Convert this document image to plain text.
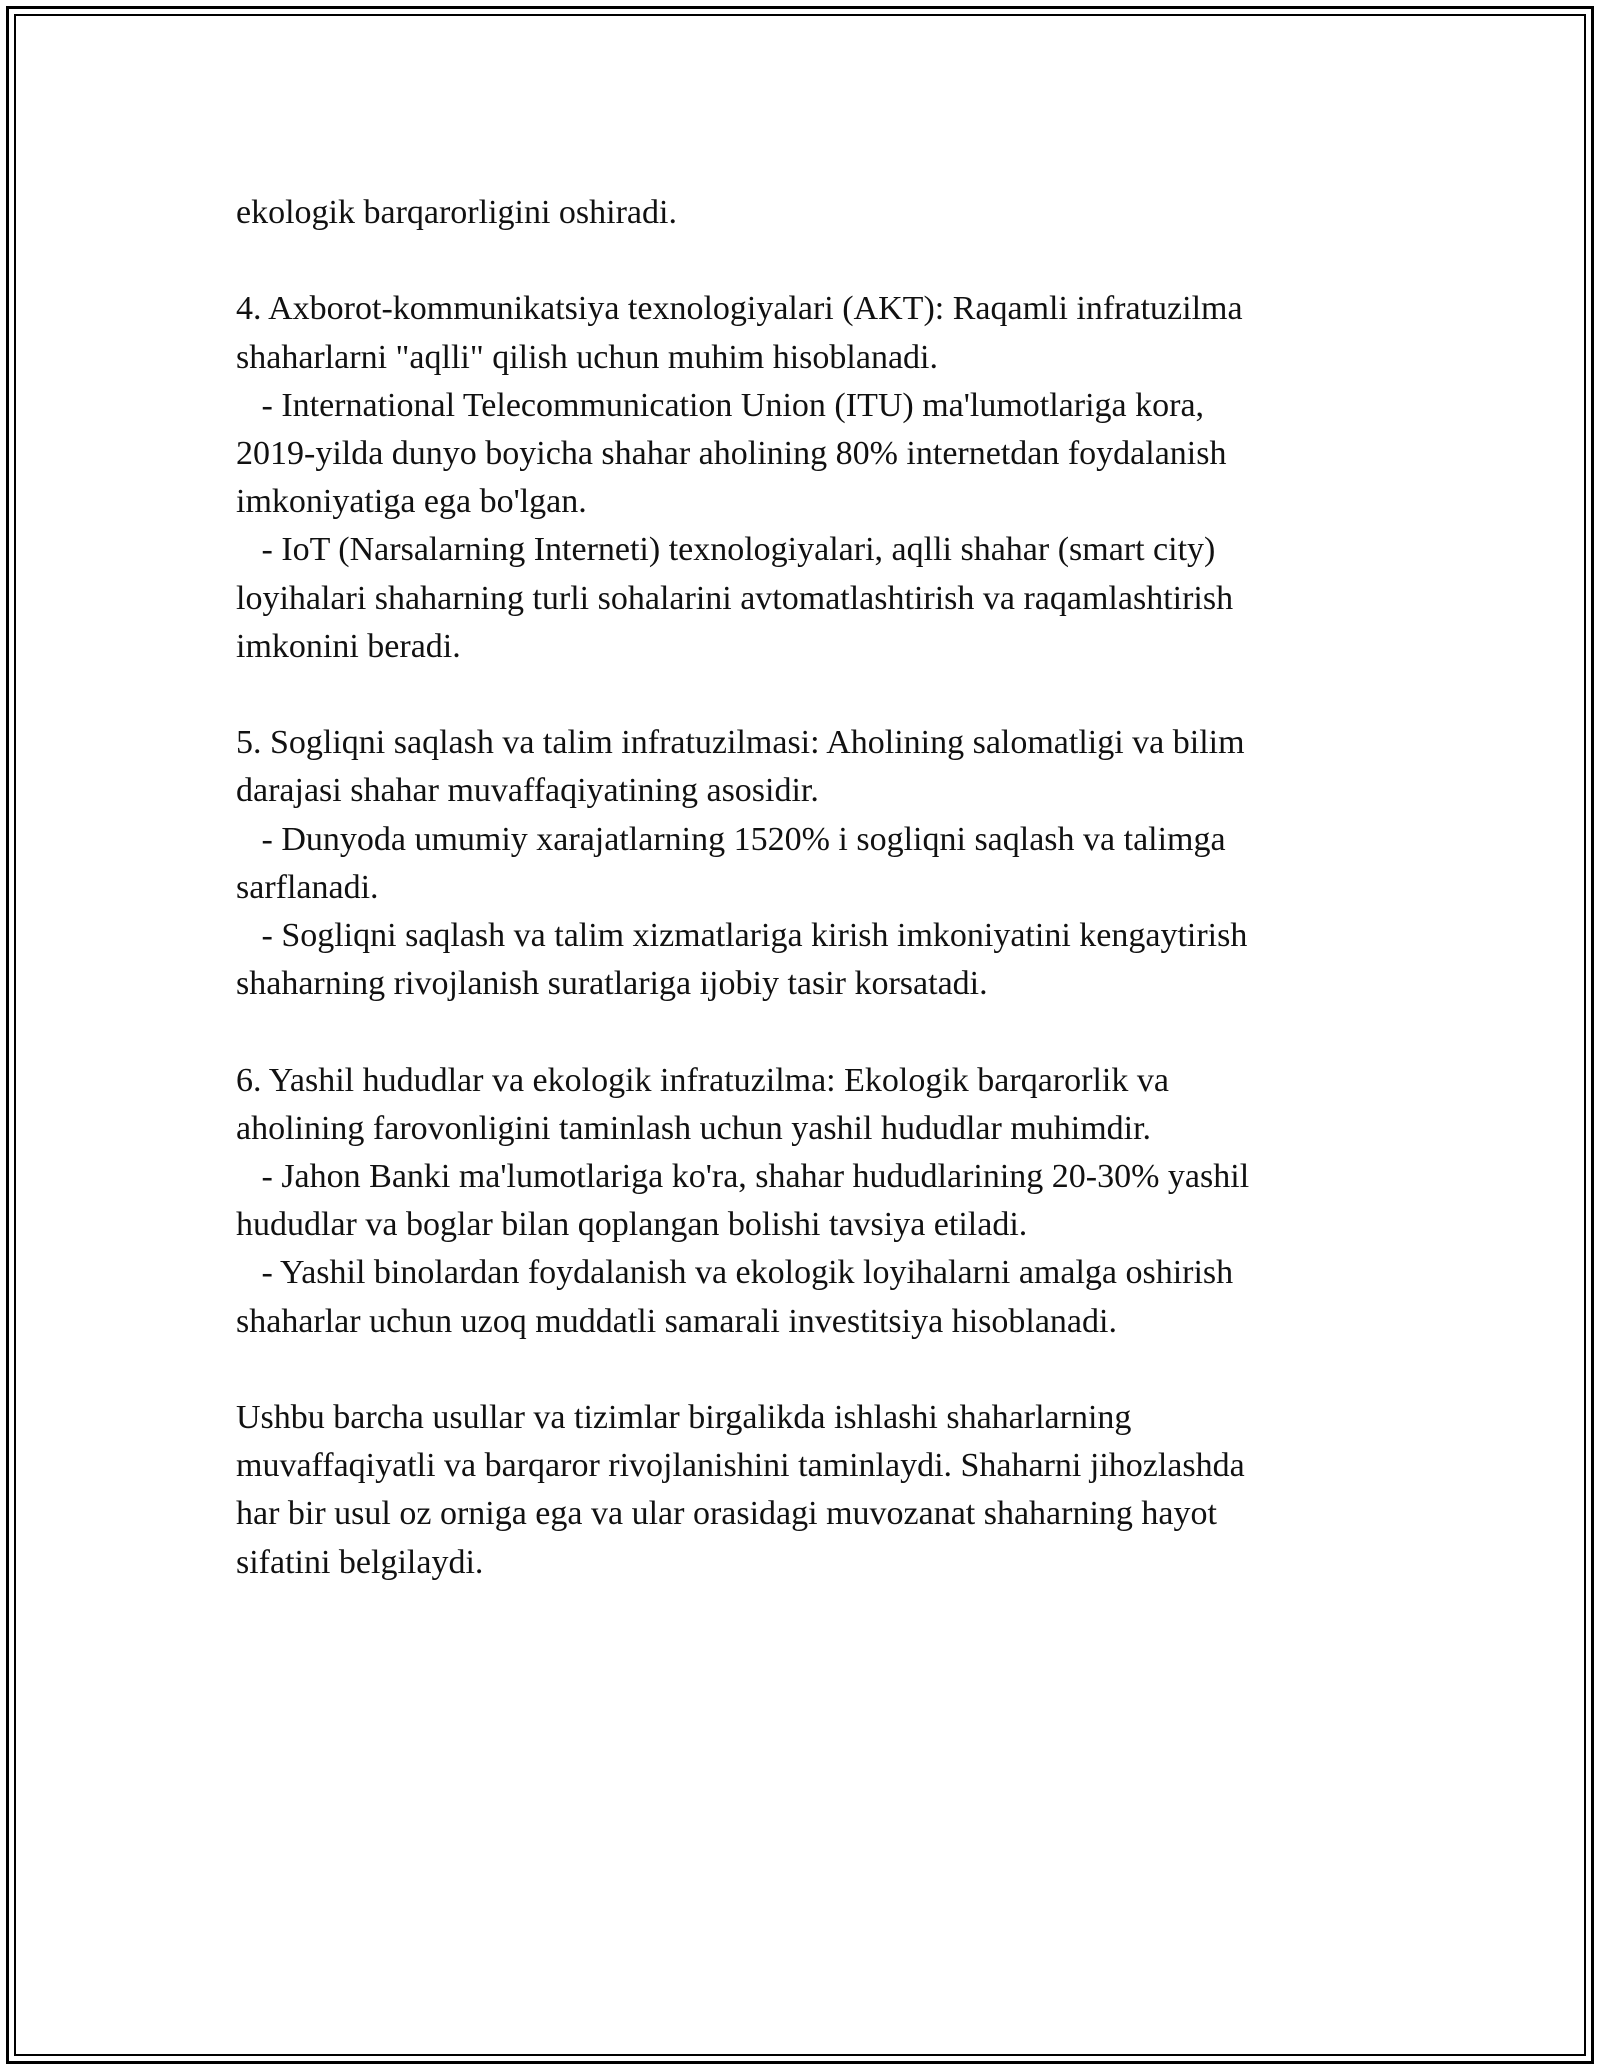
ekologik barqarorligini oshiradi.
4. Axborot-kommunikatsiya texnologiyalari (AKT): Raqamli infratuzilma
shaharlarni "aqlli" qilish uchun muhim hisoblanadi.
- International Telecommunication Union (ITU) ma'lumotlariga kora,
2019-yilda dunyo boyicha shahar aholining 80% internetdan foydalanish
imkoniyatiga ega bo'lgan.
- IoT (Narsalarning Interneti) texnologiyalari, aqlli shahar (smart city)
loyihalari shaharning turli sohalarini avtomatlashtirish va raqamlashtirish
imkonini beradi.
5. Sogliqni saqlash va talim infratuzilmasi: Aholining salomatligi va bilim
darajasi shahar muvaffaqiyatining asosidir.
- Dunyoda umumiy xarajatlarning 1520% i sogliqni saqlash va talimga
sarflanadi.
- Sogliqni saqlash va talim xizmatlariga kirish imkoniyatini kengaytirish
shaharning rivojlanish suratlariga ijobiy tasir korsatadi.
6. Yashil hududlar va ekologik infratuzilma: Ekologik barqarorlik va
aholining farovonligini taminlash uchun yashil hududlar muhimdir.
- Jahon Banki ma'lumotlariga ko'ra, shahar hududlarining 20-30% yashil
hududlar va boglar bilan qoplangan bolishi tavsiya etiladi.
- Yashil binolardan foydalanish va ekologik loyihalarni amalga oshirish
shaharlar uchun uzoq muddatli samarali investitsiya hisoblanadi.
Ushbu barcha usullar va tizimlar birgalikda ishlashi shaharlarning
muvaffaqiyatli va barqaror rivojlanishini taminlaydi. Shaharni jihozlashda
har bir usul oz orniga ega va ular orasidagi muvozanat shaharning hayot
sifatini belgilaydi.
